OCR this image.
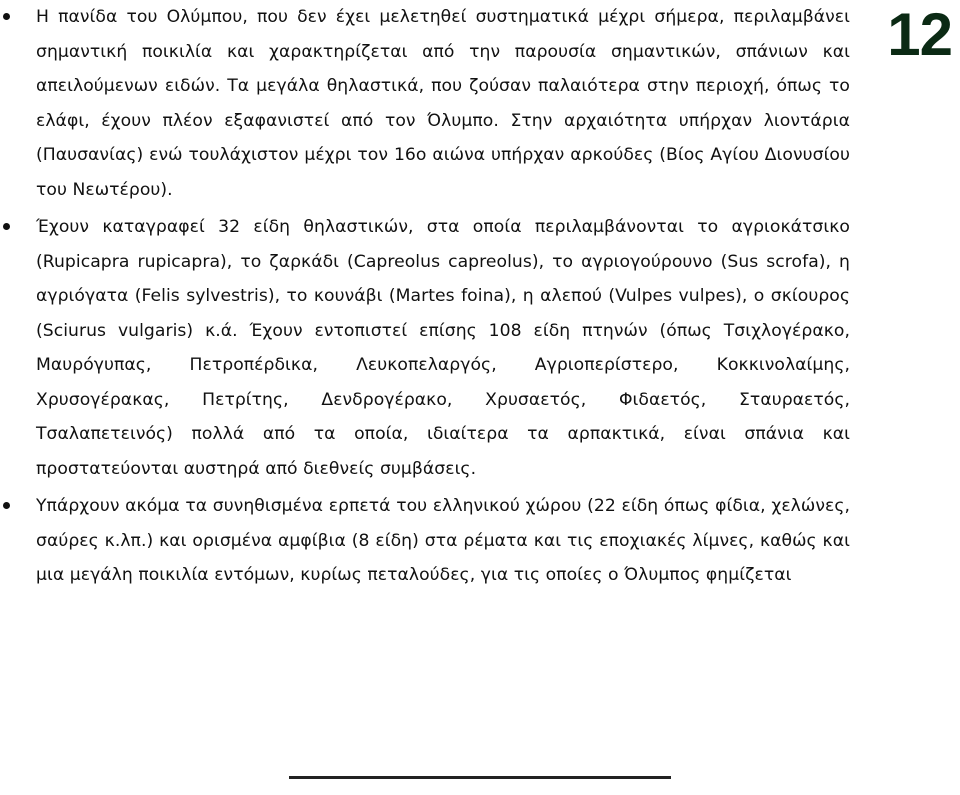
Η πανίδα του Ολύμπου, που δεν έχει μελετηθεί συστηματικά μέχρι σήμερα, περιλαμβάνει σημαντική ποικιλία και χαρακτηρίζεται από την παρουσία σημαντικών, σπάνιων και απειλούμενων ειδών. Τα μεγάλα θηλαστικά, που ζούσαν παλαιότερα στην περιοχή, όπως το ελάφι, έχουν πλέον εξαφανιστεί από τον Όλυμπο. Στην αρχαιότητα υπήρχαν λιοντάρια (Παυσανίας) ενώ τουλάχιστον μέχρι τον 16ο αιώνα υπήρχαν αρκούδες (Βίος Αγίου Διονυσίου του Νεωτέρου).
Έχουν καταγραφεί 32 είδη θηλαστικών, στα οποία περιλαμβάνονται το αγριοκάτσικο (Rupicapra rupicapra), το ζαρκάδι (Capreolus capreolus), το αγριογούρουνο (Sus scrofa), η αγριόγατα (Felis sylvestris), το κουνάβι (Martes foina), η αλεπού (Vulpes vulpes), ο σκίουρος (Sciurus vulgaris) κ.ά. Έχουν εντοπιστεί επίσης 108 είδη πτηνών (όπως Τσιχλογέρακο, Μαυρόγυπας, Πετροπέρδικα, Λευκοπελαργός, Αγριοπερίστερο, Κοκκινολαίμης, Χρυσογέρακας, Πετρίτης, Δενδρογέρακο, Χρυσαετός, Φιδαετός, Σταυραετός, Τσαλαπετεινός) πολλά από τα οποία, ιδιαίτερα τα αρπακτικά, είναι σπάνια και προστατεύονται αυστηρά από διεθνείς συμβάσεις.
Υπάρχουν ακόμα τα συνηθισμένα ερπετά του ελληνικού χώρου (22 είδη όπως φίδια, χελώνες, σαύρες κ.λπ.) και ορισμένα αμφίβια (8 είδη) στα ρέματα και τις εποχιακές λίμνες, καθώς και μια μεγάλη ποικιλία εντόμων, κυρίως πεταλούδες, για τις οποίες ο Όλυμπος φημίζεται
12
